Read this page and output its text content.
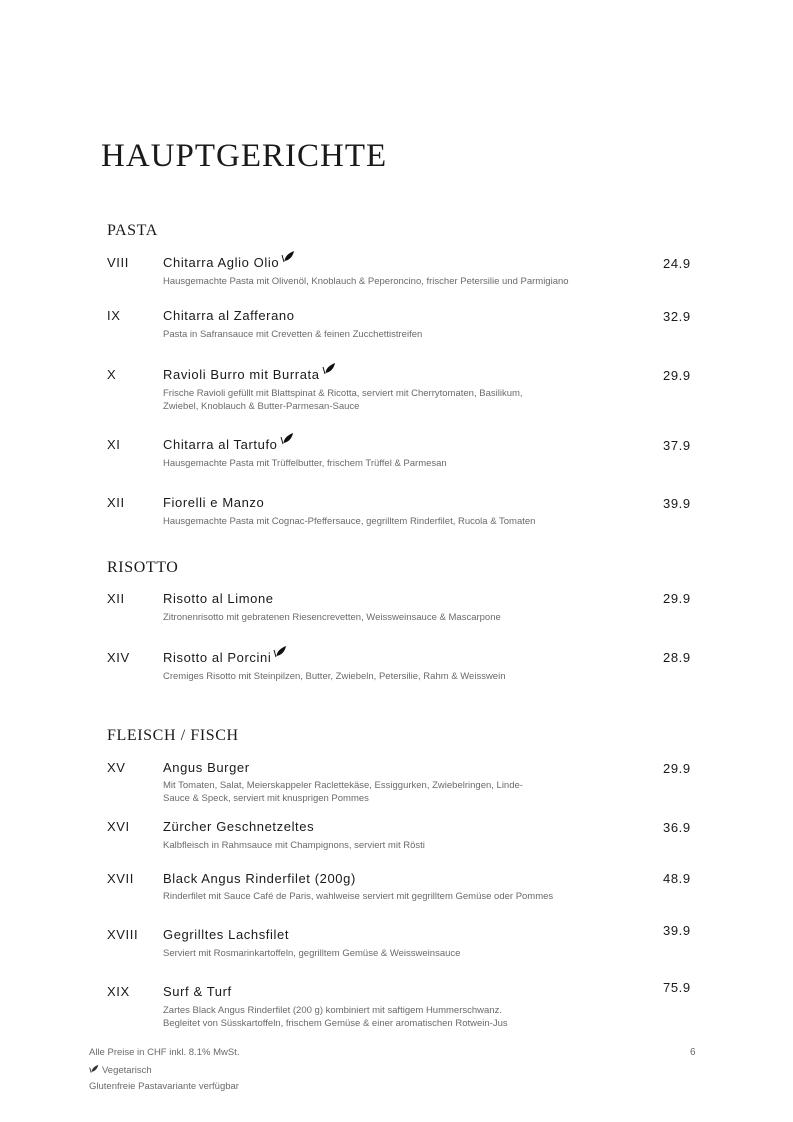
HAUPTGERICHTE
PASTA
RISOTTO
FLEISCH / FISCH
VIII	Chitarra Aglio Olio	24.9
Hausgemachte Pasta mit Olivenöl, Knoblauch & Peperoncino, frischer Petersilie und Parmigiano
IX	Chitarra al Zafferano	32.9
Pasta in Safransauce mit Crevetten & feinen Zucchettistreifen
X	Ravioli Burro mit Burrata	29.9
Frische Ravioli gefüllt mit Blattspinat & Ricotta, serviert mit Cherrytomaten, Basilikum,
Zwiebel, Knoblauch & Butter-Parmesan-Sauce
XI	Chitarra al Tartufo	37.9
Hausgemachte Pasta mit Trüffelbutter, frischem Trüffel & Parmesan
XII	Fiorelli e Manzo	39.9
Hausgemachte Pasta mit Cognac-Pfeffersauce, gegrilltem Rinderfilet, Rucola & Tomaten
XII	Risotto al Limone	29.9
Zitronenrisotto mit gebratenen Riesencrevetten, Weissweinsauce & Mascarpone
XIV	Risotto al Porcini	28.9
Cremiges Risotto mit Steinpilzen, Butter, Zwiebeln, Petersilie, Rahm & Weisswein
XV	Angus Burger	29.9
Mit Tomaten, Salat, Meierskappeler Raclettekäse, Essiggurken, Zwiebelringen, Linde-
Sauce & Speck, serviert mit knusprigen Pommes
XVI	Zürcher Geschnetzeltes	36.9
Kalbfleisch in Rahmsauce mit Champignons, serviert mit Rösti
XVII Black Angus Rinderfilet (200g)	48.9
Rinderfilet mit Sauce Café de Paris, wahlweise serviert mit gegrilltem Gemüse oder Pommes
XVIII Gegrilltes Lachsfilet	39.9
Serviert mit Rosmarinkartoffeln, gegrilltem Gemüse & Weissweinsauce
XIX	Surf & Turf	75.9
Zartes Black Angus Rinderfilet (200 g) kombiniert mit saftigem Hummerschwanz.
Begleitet von Süsskartoffeln, frischem Gemüse & einer aromatischen Rotwein-Jus
Alle Preise in CHF inkl. 8.1% MwSt.
Vegetarisch
Glutenfreie Pastavariante verfügbar
6
